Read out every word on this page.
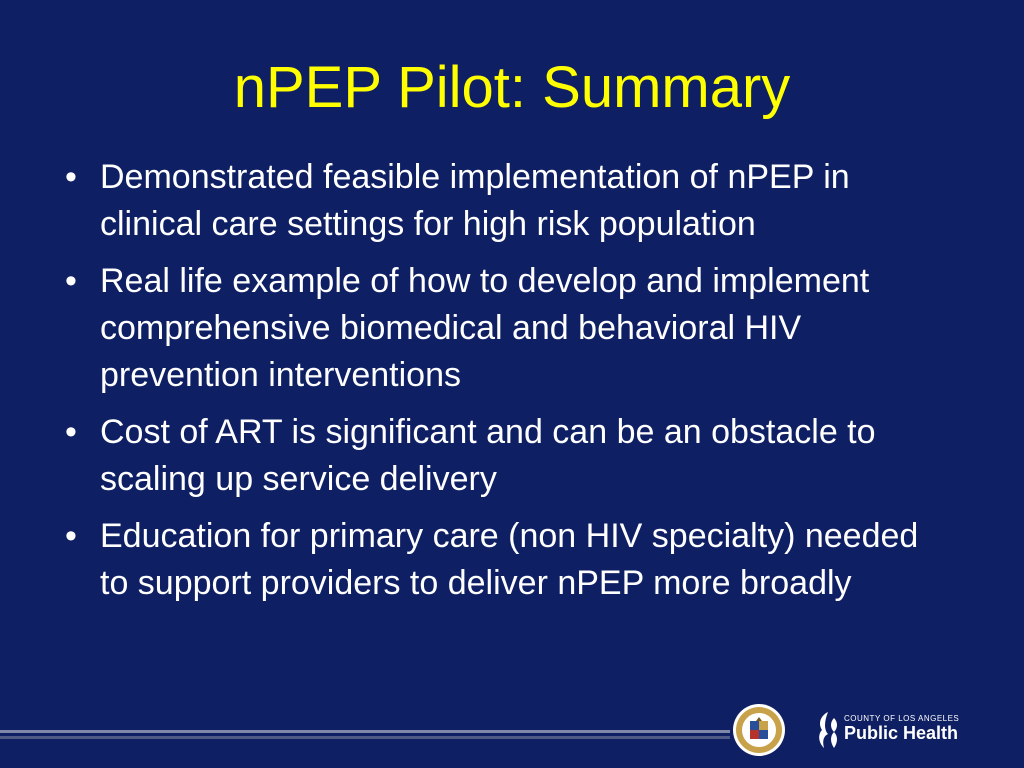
nPEP Pilot: Summary
• Demonstrated feasible implementation of nPEP in clinical care settings for high risk population
• Real life example of how to develop and implement comprehensive biomedical and behavioral HIV prevention interventions
• Cost of ART is significant and can be an obstacle to scaling up service delivery
• Education for primary care (non HIV specialty) needed to support providers to deliver nPEP more broadly
COUNTY OF LOS ANGELES
Public Health
